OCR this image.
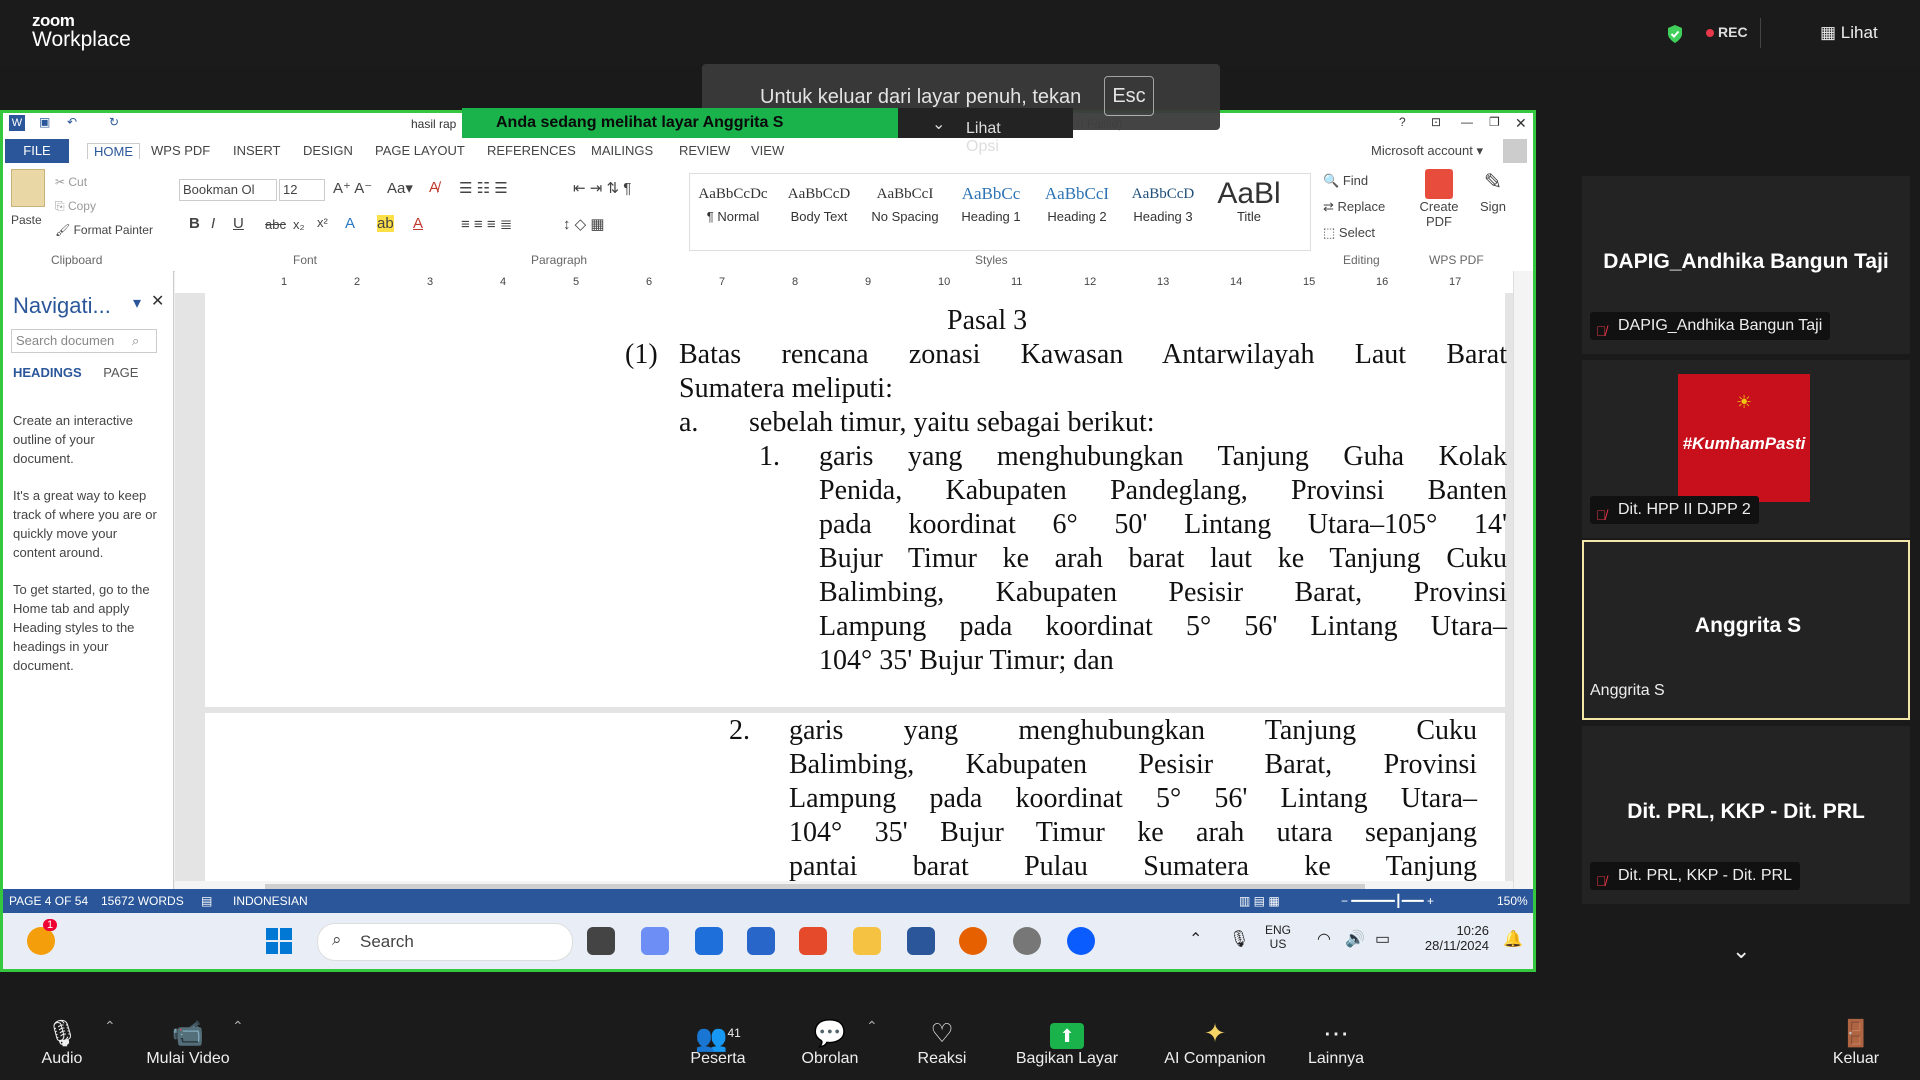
zoom
Workplace	REC	▦ Lihat
Untuk keluar dari layar penuh, tekan	Esc
Anda sedang melihat layar Anggrita S	Lihat Opsi
⌄
W ▣ ↶	↻	hasil rap	? ⊡ — ❐ ✕
HOME	WPS PDF INSERT DESIGN PAGE LAYOUT REFERENCES MAILINGS REVIEW VIEW	Microsoft account ▾
FILE
Paste
✂ Cut
⎘ Copy
🖌 Format Painter
Clipboard
Bookman Ol 12 A⁺ A⁻ Aa▾ A̸
B I U abc x₂ x² A ab A
Font
☰ ☷ ☰	⇤ ⇥ ⇅ ¶
≡ ≡ ≡ ≣	↕ ◇ ▦
Paragraph
AaBbCcDc
¶ Normal
AaBbCcD
Body Text
AaBbCcI
No Spacing
AaBbCc
Heading 1
AaBbCcI
Heading 2
AaBbCcD
Heading 3
AaBl
Title
Styles
🔍 Find
⇄ Replace
⬚ Select
Editing
Create PDF
✎
Sign
WPS PDF
Navigati... ▾ ✕
Search documen ⌕
HEADINGS PAGE

Create an interactive outline of your document.

It's a great way to keep track of where you are or quickly move your content around.

To get started, go to the Home tab and apply Heading styles to the headings in your document.

1	2	3	4	5	6	7	8	9	10	11	12	13	14	15	16	17
Pasal 3
(1) Batas rencana zonasi Kawasan Antarwilayah Laut Barat
Sumatera meliputi:
a. sebelah timur, yaitu sebagai berikut:
1.
104° 35' Bujur Timur; dan
garis yang menghubungkan Tanjung Guha Kolak
Penida, Kabupaten Pandeglang, Provinsi Banten
pada koordinat 6° 50' Lintang Utara–105° 14'
Bujur Timur ke arah barat laut ke Tanjung Cuku
Balimbing, Kabupaten Pesisir Barat, Provinsi
Lampung pada koordinat 5° 56' Lintang Utara–
2. garis yang menghubungkan Tanjung Cuku
Balimbing, Kabupaten Pesisir Barat, Provinsi
Lampung pada koordinat 5° 56' Lintang Utara–
104° 35' Bujur Timur ke arah utara sepanjang
pantai barat Pulau Sumatera ke Tanjung
PAGE 4 OF 54 15672 WORDS ▤ INDONESIAN	▥ ▤ ▦	− ━━━━━━┃━━━ +	150%
1
⌕ Search	⌃ 🎙
ENG
US ◠ 🔊 ▭
10:26
28/11/2024 🔔
DAPIG_Andhika Bangun Taji
🎙̸ DAPIG_Andhika Bangun Taji
☀
#KumhamPasti
🎙̸ Dit. HPP II DJPP 2
Anggrita S
Anggrita S
Dit. PRL, KKP - Dit. PRL
🎙̸ Dit. PRL, KKP - Dit. PRL
⌄
🎙
Audio
⌃	📹
Mulai Video
⌃	👥$^{41}$
Peserta
💬
Obrolan
⌃	♡
Reaksi
⬆
Bagikan Layar
✦
AI Companion
⋯
Lainnya
🚪
Keluar
